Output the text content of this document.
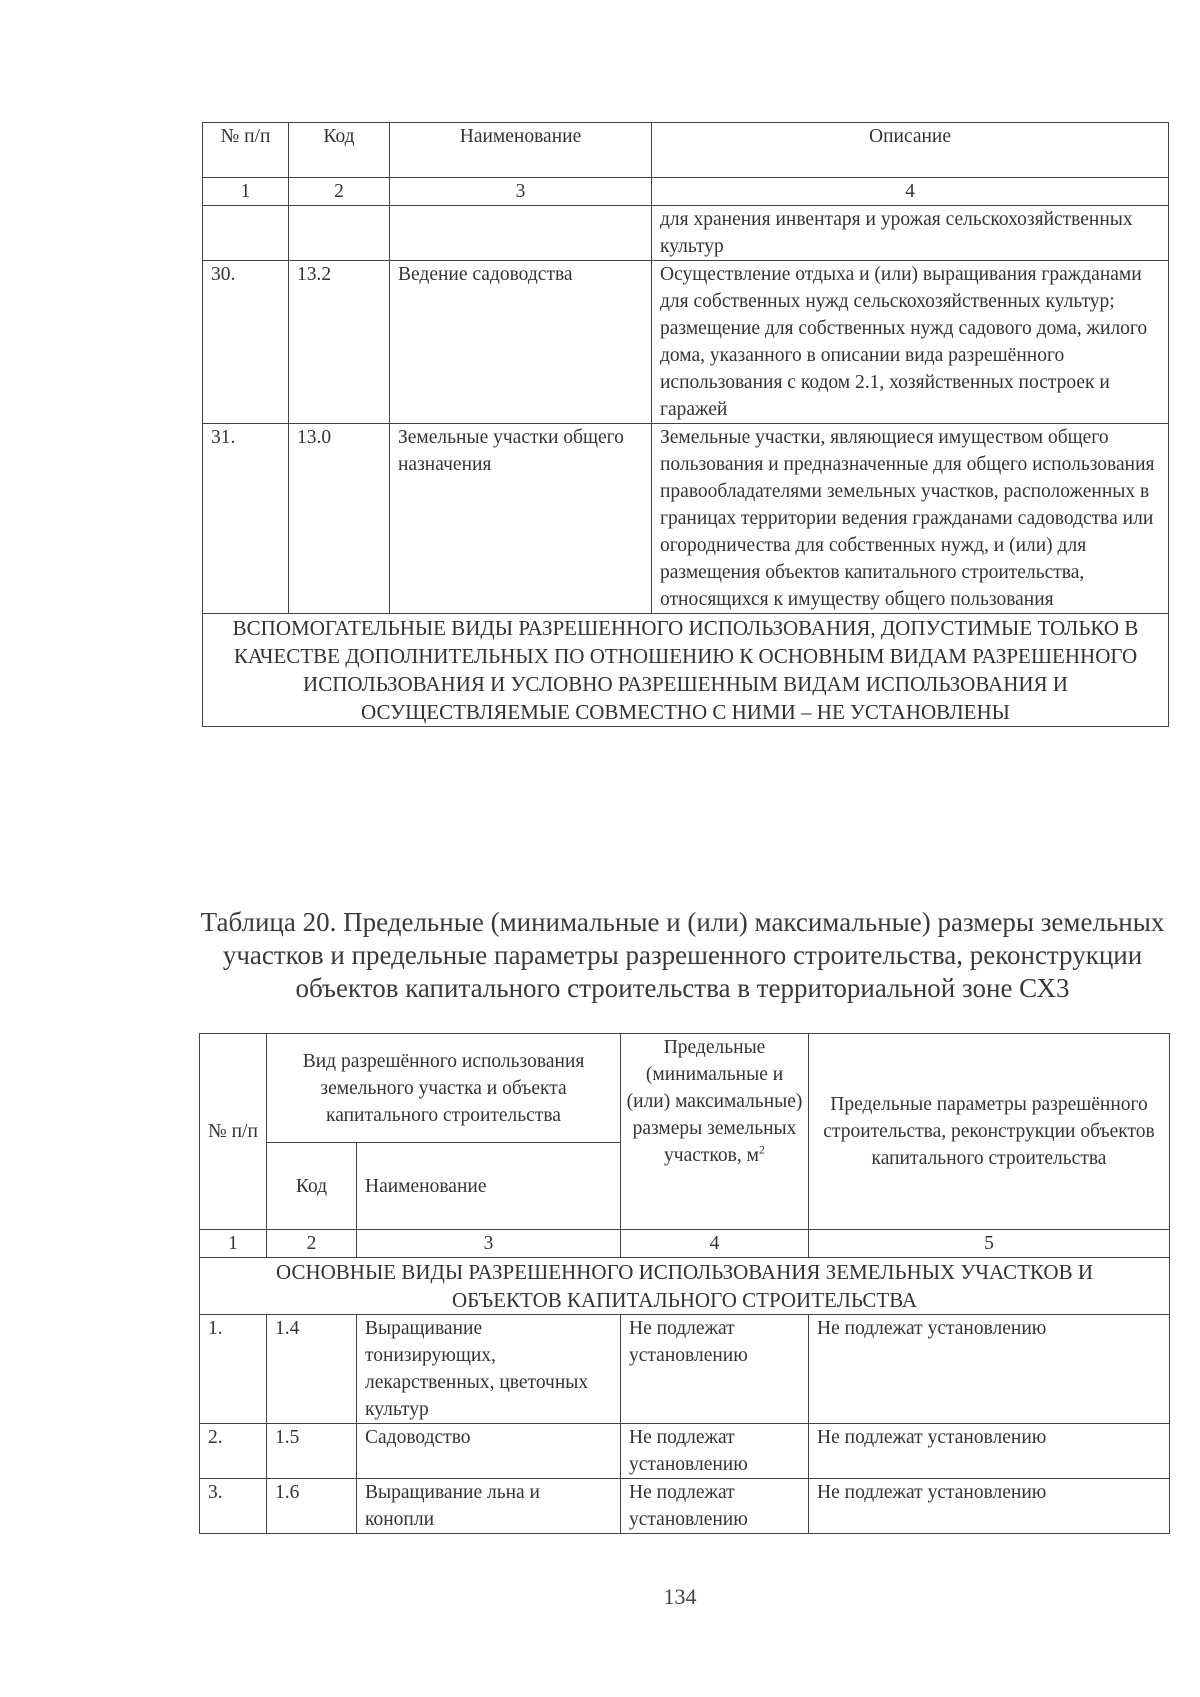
№ п/п	Код	Наименование	Описание
1	2	3	4
			для хранения инвентаря и урожая сельскохозяйственных культур
30.	13.2	Ведение садоводства	Осуществление отдыха и (или) выращивания гражданами для собственных нужд сельскохозяйственных культур; размещение для собственных нужд садового дома, жилого дома, указанного в описании вида разрешённого использования с кодом 2.1, хозяйственных построек и гаражей
31.	13.0	Земельные участки общего назначения	Земельные участки, являющиеся имуществом общего пользования и предназначенные для общего использования правообладателями земельных участков, расположенных в границах территории ведения гражданами садоводства или огородничества для собственных нужд, и (или) для размещения объектов капитального строительства, относящихся к имуществу общего пользования
ВСПОМОГАТЕЛЬНЫЕ ВИДЫ РАЗРЕШЕННОГО ИСПОЛЬЗОВАНИЯ, ДОПУСТИМЫЕ ТОЛЬКО В КАЧЕСТВЕ ДОПОЛНИТЕЛЬНЫХ ПО ОТНОШЕНИЮ К ОСНОВНЫМ ВИДАМ РАЗРЕШЕННОГО ИСПОЛЬЗОВАНИЯ И УСЛОВНО РАЗРЕШЕННЫМ ВИДАМ ИСПОЛЬЗОВАНИЯ И ОСУЩЕСТВЛЯЕМЫЕ СОВМЕСТНО С НИМИ – НЕ УСТАНОВЛЕНЫ			
Таблица 20. Предельные (минимальные и (или) максимальные) размеры земельных участков и предельные параметры разрешенного строительства, реконструкции объектов капитального строительства в территориальной зоне СХ3
№ п/п	Вид разрешённого использования земельного участка и объекта капитального строительства		Предельные (минимальные и (или) максимальные) размеры земельных участков, $м^2$	Предельные параметры разрешённого строительства, реконструкции объектов капитального строительства
	Код	Наименование		
1	2	3	4	5
ОСНОВНЫЕ ВИДЫ РАЗРЕШЕННОГО ИСПОЛЬЗОВАНИЯ ЗЕМЕЛЬНЫХ УЧАСТКОВ И ОБЪЕКТОВ КАПИТАЛЬНОГО СТРОИТЕЛЬСТВА				
1.	1.4	Выращивание тонизирующих, лекарственных, цветочных культур	Не подлежат установлению	Не подлежат установлению
2.	1.5	Садоводство	Не подлежат установлению	Не подлежат установлению
3.	1.6	Выращивание льна и конопли	Не подлежат установлению	Не подлежат установлению
134
